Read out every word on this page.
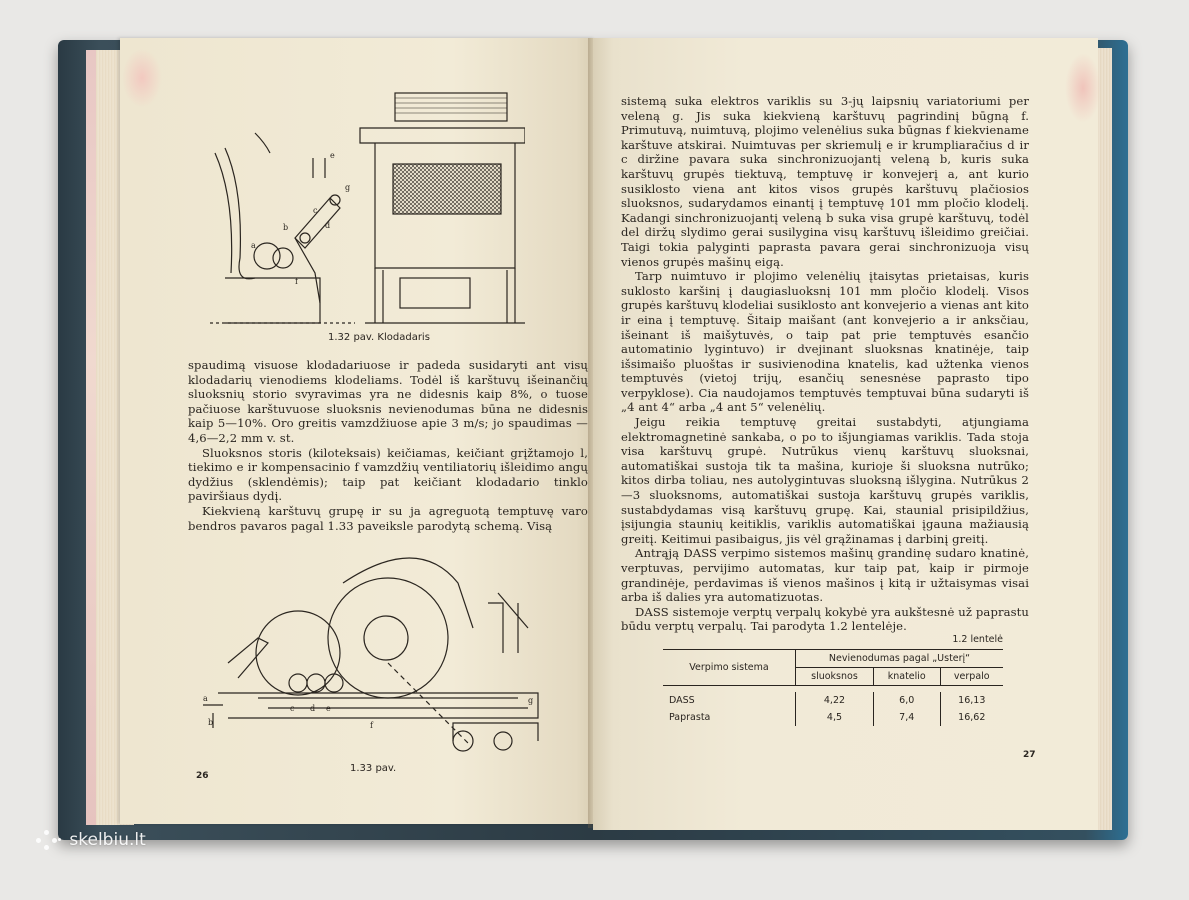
e
g
b
a
c
d
f
1.32 pav. Klodadaris

spaudimą visuose klodadariuose ir padeda susidaryti ant visų klodadarių vienodiems klodeliams. Todėl iš karštuvų išeinančių sluoksnių storio svyravimas yra ne didesnis kaip 8%, o tuose pačiuose karštuvuose sluoksnis nevienodumas būna ne didesnis kaip 5—10%. Oro greitis vamzdžiuose apie 3 m/s; jo spaudimas — 4,6—2,2 mm v. st.

Sluoksnos storis (kiloteksais) keičiamas, keičiant grįžtamojo l, tiekimo e ir kompensacinio f vamzdžių ventiliatorių išleidimo angų dydžius (sklendėmis); taip pat keičiant klodadario tinklo paviršiaus dydį.

Kiekvieną karštuvų grupę ir su ja agreguotą temptuvę varo bendros pavaros pagal 1.33 paveiksle parodytą schemą. Visą

a
b
c d e
f
g
1.33 pav.
26

sistemą suka elektros variklis su 3-jų laipsnių variatoriumi per veleną g. Jis suka kiekvieną karštuvų pagrindinį būgną f. Primutuvą, nuimtuvą, plojimo velenėlius suka būgnas f kiekviename karštuve atskirai. Nuimtuvas per skriemulį e ir krumpliaračius d ir c diržine pavara suka sinchronizuojantį veleną b, kuris suka karštuvų grupės tiektuvą, temptuvę ir konvejerį a, ant kurio susiklosto viena ant kitos visos grupės karštuvų plačiosios sluoksnos, sudarydamos einantį į temptuvę 101 mm pločio klodelį. Kadangi sinchronizuojantį veleną b suka visa grupė karštuvų, todėl del diržų slydimo gerai susilygina visų karštuvų išleidimo greičiai. Taigi tokia palyginti paprasta pavara gerai sinchronizuoja visų vienos grupės mašinų eigą.

Tarp nuimtuvo ir plojimo velenėlių įtaisytas prietaisas, kuris suklosto karšinį į daugiasluoksnį 101 mm pločio klodelį. Visos grupės karštuvų klodeliai susiklosto ant konvejerio a vienas ant kito ir eina į temptuvę. Šitaip maišant (ant konvejerio a ir anksčiau, išeinant iš maišytuvės, o taip pat prie temptuvės esančio automatinio lygintuvo) ir dvejinant sluoksnas knatinėje, taip išsimaišo pluoštas ir susivienodina knatelis, kad užtenka vienos temptuvės (vietoj trijų, esančių senesnėse paprasto tipo verpyklose). Cia naudojamos temptuvės temptuvai būna sudaryti iš „4 ant 4“ arba „4 ant 5“ velenėlių.

Jeigu reikia temptuvę greitai sustabdyti, atjungiama elektromagnetinė sankaba, o po to išjungiamas variklis. Tada stoja visa karštuvų grupė. Nutrūkus vienų karštuvų sluoksnai, automatiškai sustoja tik ta mašina, kurioje ši sluoksna nutrūko; kitos dirba toliau, nes autolygintuvas sluoksną išlygina. Nutrūkus 2—3 sluoksnoms, automatiškai sustoja karštuvų grupės variklis, sustabdydamas visą karštuvų grupę. Kai, staunial prisipildžius, įsijungia staunių keitiklis, variklis automatiškai įgauna mažiausią greitį. Keitimui pasibaigus, jis vėl grąžinamas į darbinį greitį.

Antrąją DASS verpimo sistemos mašinų grandinę sudaro knatinė, verptuvas, pervijimo automatas, kur taip pat, kaip ir pirmoje grandinėje, perdavimas iš vienos mašinos į kitą ir užtaisymas visai arba iš dalies yra automatizuotas.

DASS sistemoje verptų verpalų kokybė yra aukštesnė už paprastu būdu verptų verpalų. Tai parodyta 1.2 lentelėje.

1.2 lentelė
Verpimo sistema	Nevienodumas pagal „Usterį“		
	sluoksnos	knatelio	verpalo

DASS	4,22	6,0	16,13
Paprasta	4,5	7,4	16,62
27
skelbiu.lt
